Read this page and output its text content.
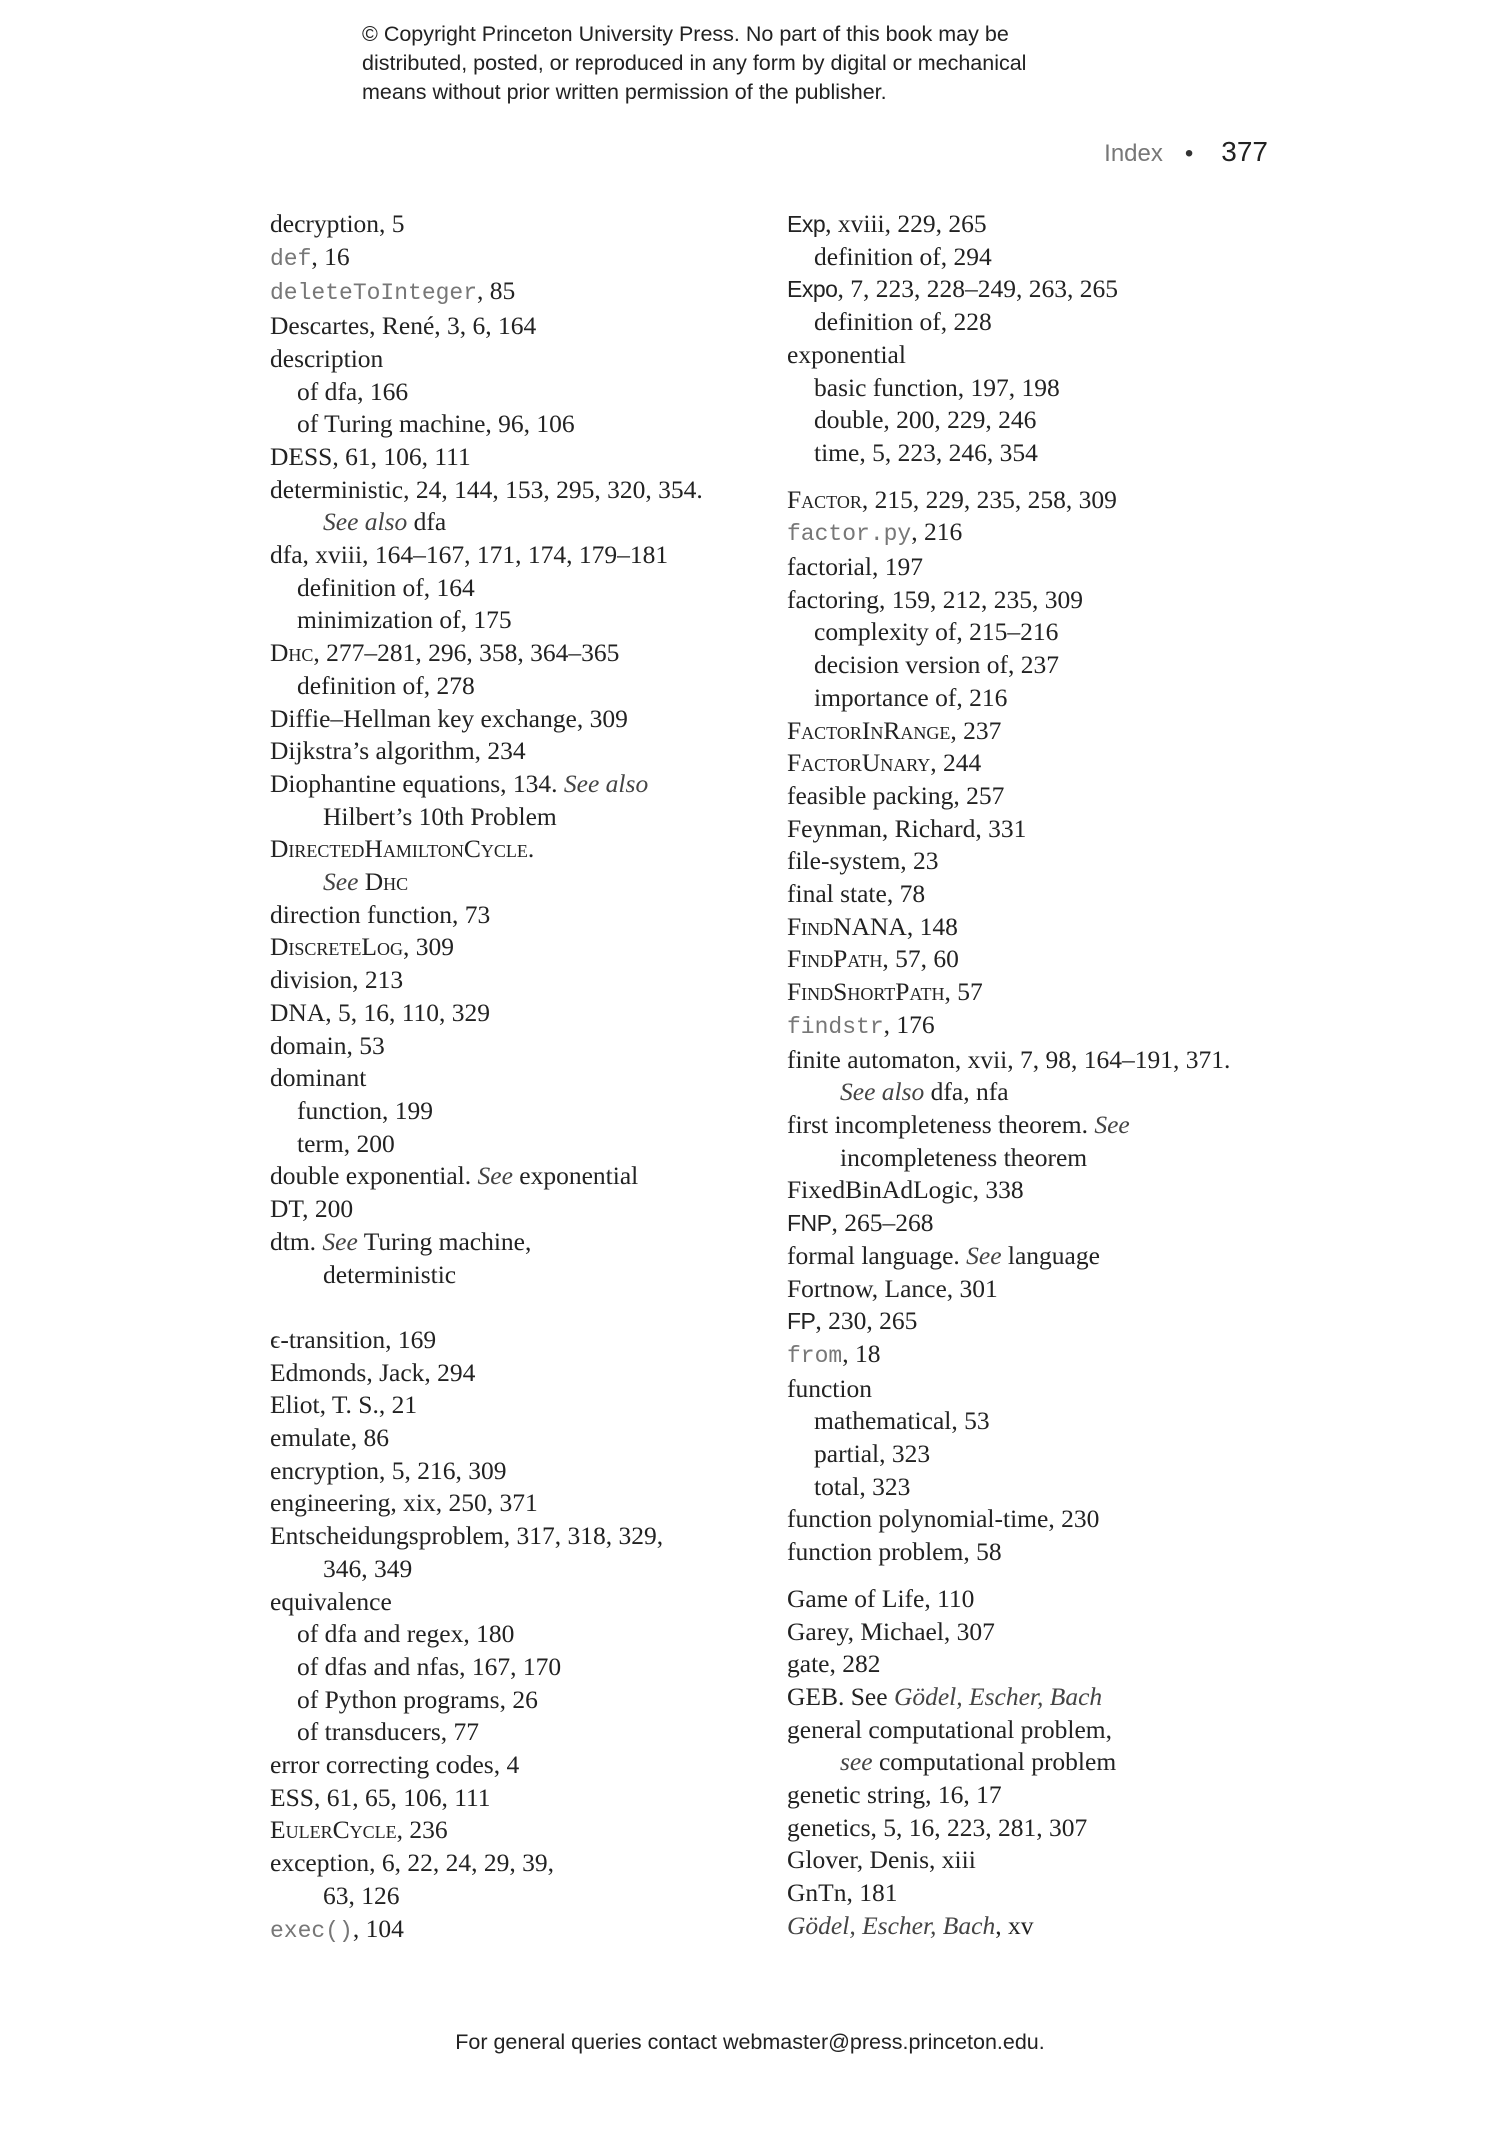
© Copyright Princeton University Press. No part of this book may be
distributed, posted, or reproduced in any form by digital or mechanical
means without prior written permission of the publisher.
Index • 377
decryption, 5
def, 16
deleteToInteger, 85
Descartes, René, 3, 6, 164
description
of dfa, 166
of Turing machine, 96, 106
DESS, 61, 106, 111
deterministic, 24, 144, 153, 295, 320, 354.
See also dfa
dfa, xviii, 164–167, 171, 174, 179–181
definition of, 164
minimization of, 175
Dhc, 277–281, 296, 358, 364–365
definition of, 278
Diffie–Hellman key exchange, 309
Dijkstra’s algorithm, 234
Diophantine equations, 134. See also
Hilbert’s 10th Problem
DirectedHamiltonCycle.
See Dhc
direction function, 73
DiscreteLog, 309
division, 213
DNA, 5, 16, 110, 329
domain, 53
dominant
function, 199
term, 200
double exponential. See exponential
DT, 200
dtm. See Turing machine,
deterministic
ϵ-transition, 169
Edmonds, Jack, 294
Eliot, T. S., 21
emulate, 86
encryption, 5, 216, 309
engineering, xix, 250, 371
Entscheidungsproblem, 317, 318, 329,
346, 349
equivalence
of dfa and regex, 180
of dfas and nfas, 167, 170
of Python programs, 26
of transducers, 77
error correcting codes, 4
ESS, 61, 65, 106, 111
EulerCycle, 236
exception, 6, 22, 24, 29, 39,
63, 126
exec(), 104
Exp, xviii, 229, 265
definition of, 294
Expo, 7, 223, 228–249, 263, 265
definition of, 228
exponential
basic function, 197, 198
double, 200, 229, 246
time, 5, 223, 246, 354
Factor, 215, 229, 235, 258, 309
factor.py, 216
factorial, 197
factoring, 159, 212, 235, 309
complexity of, 215–216
decision version of, 237
importance of, 216
FactorInRange, 237
FactorUnary, 244
feasible packing, 257
Feynman, Richard, 331
file-system, 23
final state, 78
FindNANA, 148
FindPath, 57, 60
FindShortPath, 57
findstr, 176
finite automaton, xvii, 7, 98, 164–191, 371.
See also dfa, nfa
first incompleteness theorem. See
incompleteness theorem
FixedBinAdLogic, 338
FNP, 265–268
formal language. See language
Fortnow, Lance, 301
FP, 230, 265
from, 18
function
mathematical, 53
partial, 323
total, 323
function polynomial-time, 230
function problem, 58
Game of Life, 110
Garey, Michael, 307
gate, 282
GEB. See Gödel, Escher, Bach
general computational problem,
see computational problem
genetic string, 16, 17
genetics, 5, 16, 223, 281, 307
Glover, Denis, xiii
GnTn, 181
Gödel, Escher, Bach, xv
For general queries contact webmaster@press.princeton.edu.
